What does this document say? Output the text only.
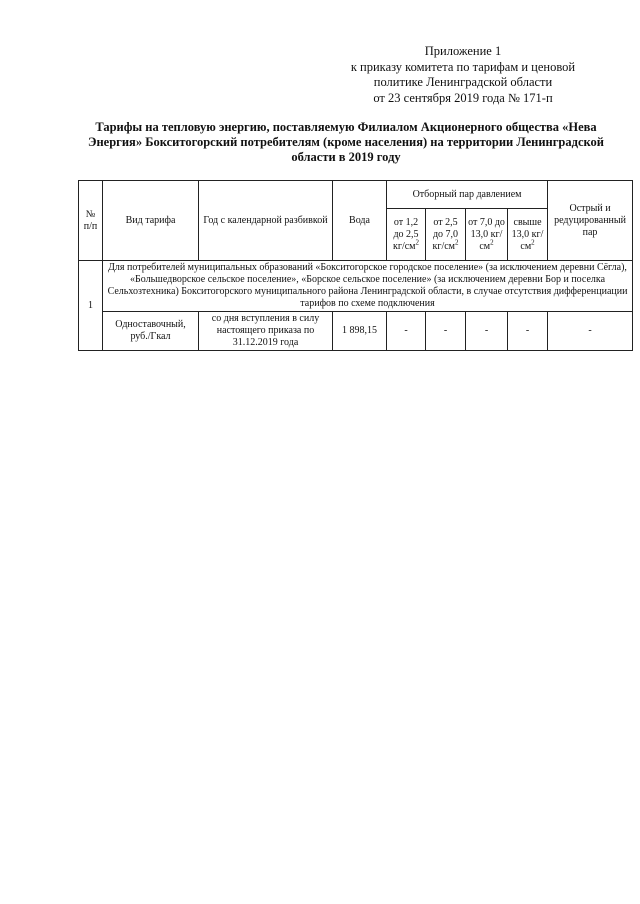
Приложение 1
к приказу комитета по тарифам и ценовой
политике Ленинградской области
от 23 сентября 2019 года № 171-п
Тарифы на тепловую энергию, поставляемую Филиалом Акционерного общества «Нева
Энергия» Бокситогорский потребителям (кроме населения) на территории Ленинградской
области в 2019 году
№
п/п	Вид тарифа	Год с календарной разбивкой	Вода	Отборный пар давлением				Острый и редуцированный пар
				от 1,2 до 2,5 $кг/см^2$	от 2,5 до 7,0 $кг/см^2$	от 7,0 до 13,0 $кг/см^2$	свыше 13,0 $кг/см^2$
1	Для потребителей муниципальных образований «Бокситогорское городское поселение» (за исключением деревни Сёгла), «Большедворское сельское поселение», «Борское сельское поселение» (за исключением деревни Бор и поселка Сельхозтехника) Бокситогорского муниципального района Ленинградской области, в случае отсутствия дифференциации тарифов по схеме подключения							
	Одноставочный, руб./Гкал	со дня вступления в силу настоящего приказа по 31.12.2019 года	1 898,15	-	-	-	-	-
